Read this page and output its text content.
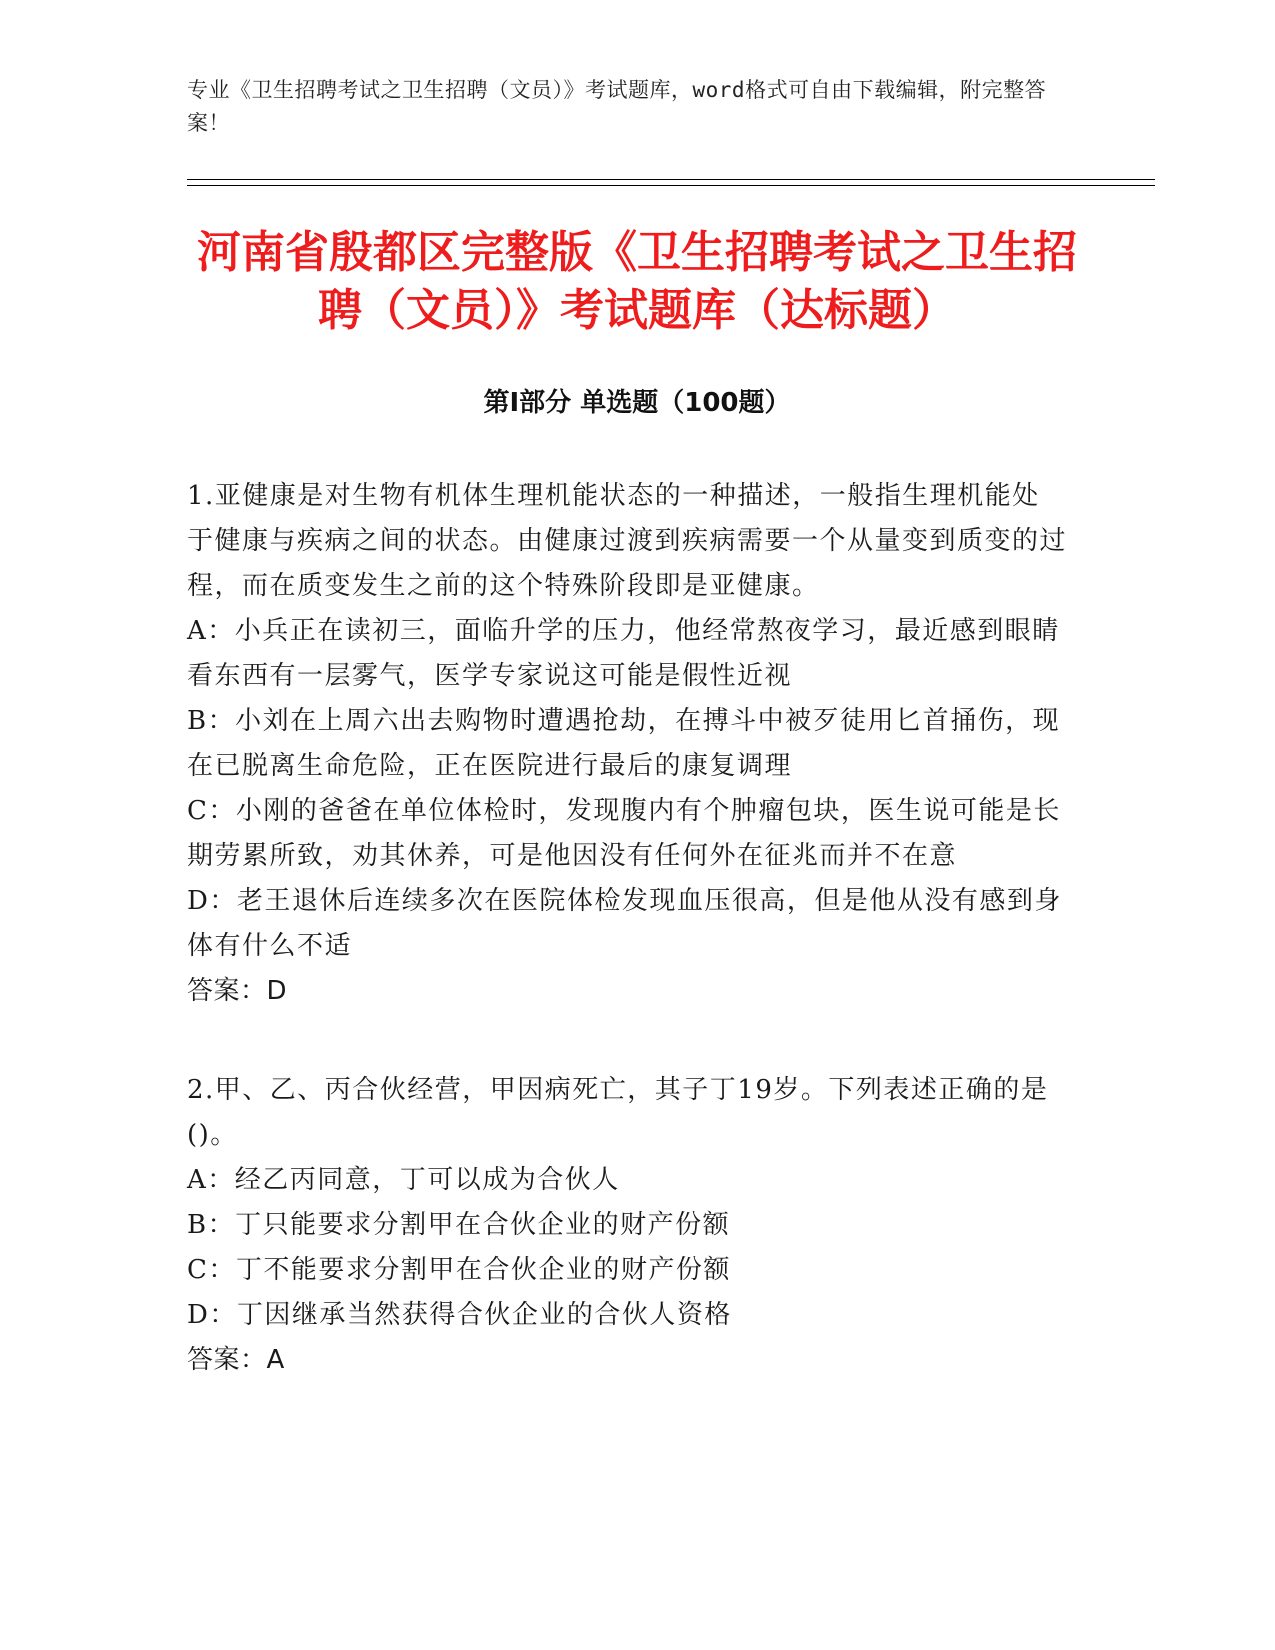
专业《卫生招聘考试之卫生招聘（文员）》考试题库，word格式可自由下载编辑，附完整答案！
河南省殷都区完整版《卫生招聘考试之卫生招聘（文员）》考试题库（达标题）
第I部分 单选题（100题）

1.亚健康是对生物有机体生理机能状态的一种描述，一般指生理机能处于健康与疾病之间的状态。由健康过渡到疾病需要一个从量变到质变的过程，而在质变发生之前的这个特殊阶段即是亚健康。

A：小兵正在读初三，面临升学的压力，他经常熬夜学习，最近感到眼睛看东西有一层雾气，医学专家说这可能是假性近视

B：小刘在上周六出去购物时遭遇抢劫，在搏斗中被歹徒用匕首捅伤，现在已脱离生命危险，正在医院进行最后的康复调理

C：小刚的爸爸在单位体检时，发现腹内有个肿瘤包块，医生说可能是长期劳累所致，劝其休养，可是他因没有任何外在征兆而并不在意

D：老王退休后连续多次在医院体检发现血压很高，但是他从没有感到身体有什么不适

答案：D

2.甲、乙、丙合伙经营，甲因病死亡，其子丁19岁。下列表述正确的是()。

A：经乙丙同意，丁可以成为合伙人

B：丁只能要求分割甲在合伙企业的财产份额

C：丁不能要求分割甲在合伙企业的财产份额

D：丁因继承当然获得合伙企业的合伙人资格

答案：A
